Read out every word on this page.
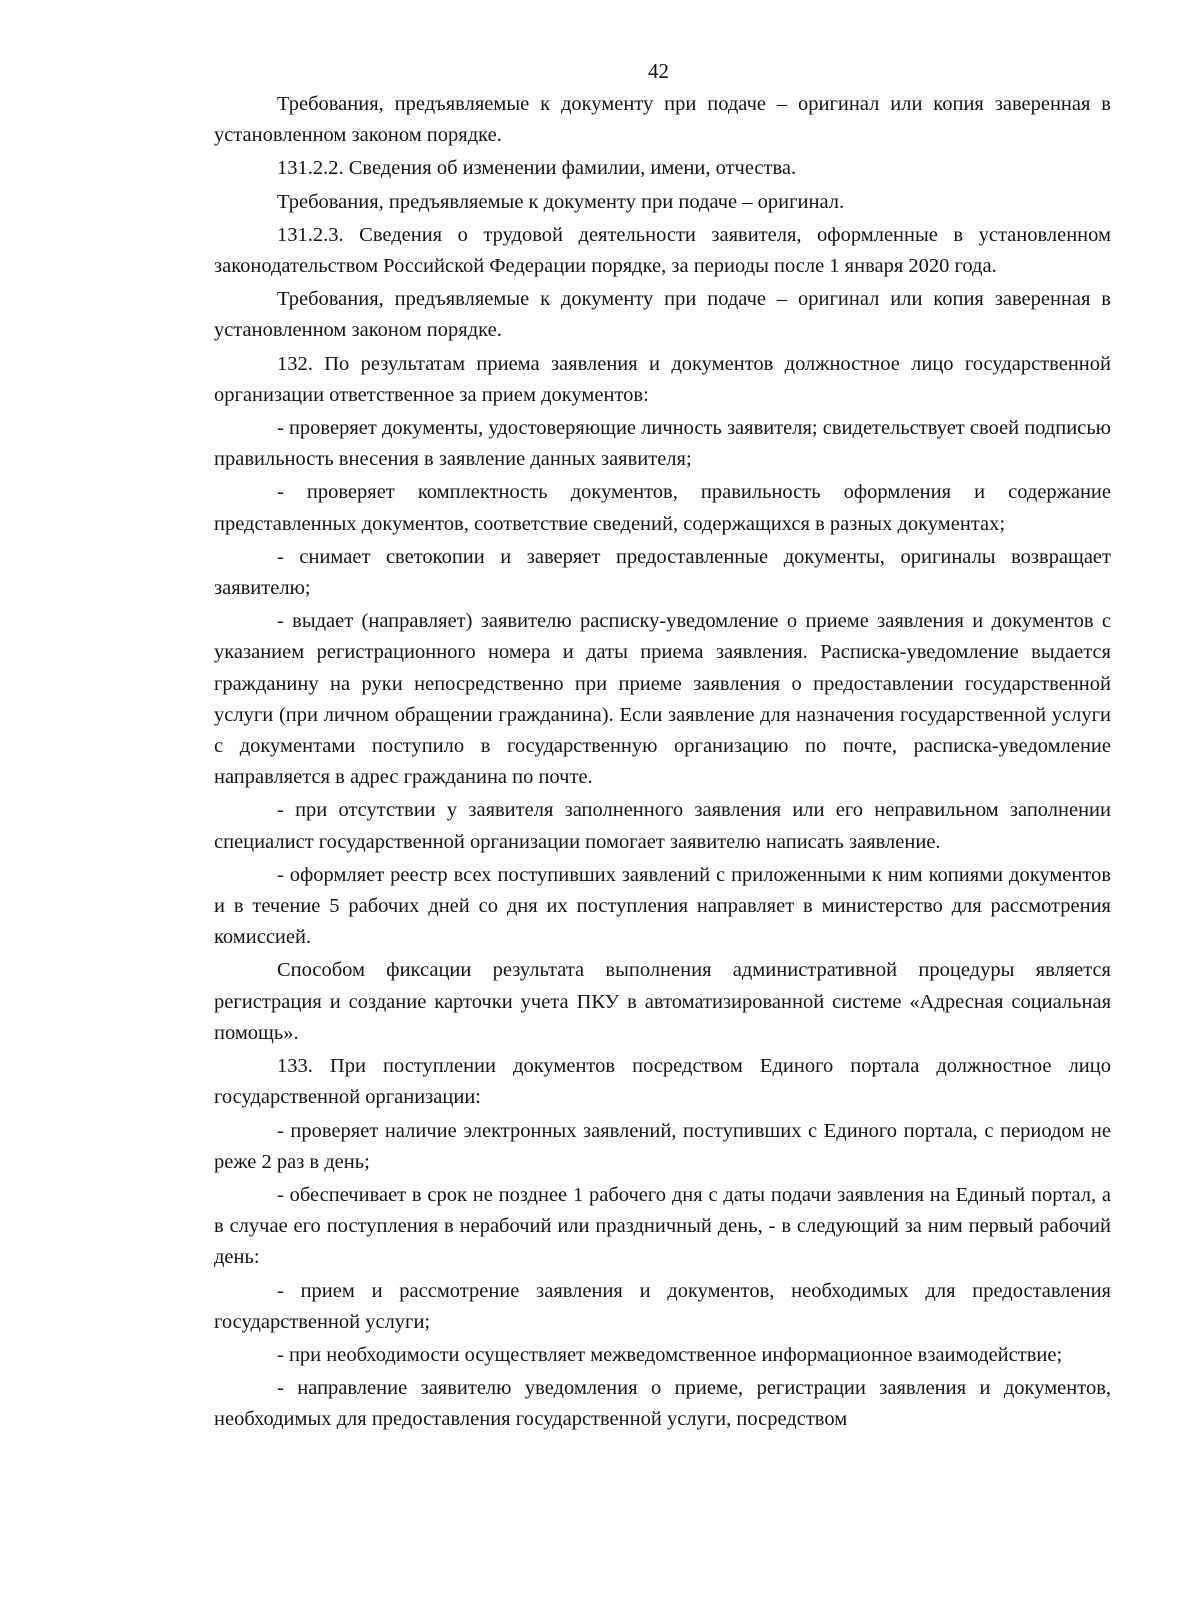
42

Требования, предъявляемые к документу при подаче – оригинал или копия заверенная в установленном законом порядке.

131.2.2. Сведения об изменении фамилии, имени, отчества.

Требования, предъявляемые к документу при подаче – оригинал.

131.2.3. Сведения о трудовой деятельности заявителя, оформленные в установленном законодательством Российской Федерации порядке, за периоды после 1 января 2020 года.

Требования, предъявляемые к документу при подаче – оригинал или копия заверенная в установленном законом порядке.

132. По результатам приема заявления и документов должностное лицо государственной организации ответственное за прием документов:

- проверяет документы, удостоверяющие личность заявителя; свидетельствует своей подписью правильность внесения в заявление данных заявителя;

- проверяет комплектность документов, правильность оформления и содержание представленных документов, соответствие сведений, содержащихся в разных документах;

- снимает светокопии и заверяет предоставленные документы, оригиналы возвращает заявителю;

- выдает (направляет) заявителю расписку-уведомление о приеме заявления и документов с указанием регистрационного номера и даты приема заявления. Расписка-уведомление выдается гражданину на руки непосредственно при приеме заявления о предоставлении государственной услуги (при личном обращении гражданина). Если заявление для назначения государственной услуги с документами поступило в государственную организацию по почте, расписка-уведомление направляется в адрес гражданина по почте.

- при отсутствии у заявителя заполненного заявления или его неправильном заполнении специалист государственной организации помогает заявителю написать заявление.

- оформляет реестр всех поступивших заявлений с приложенными к ним копиями документов и в течение 5 рабочих дней со дня их поступления направляет в министерство для рассмотрения комиссией.

Способом фиксации результата выполнения административной процедуры является регистрация и создание карточки учета ПКУ в автоматизированной системе «Адресная социальная помощь».

133. При поступлении документов посредством Единого портала должностное лицо государственной организации:

- проверяет наличие электронных заявлений, поступивших с Единого портала, с периодом не реже 2 раз в день;

- обеспечивает в срок не позднее 1 рабочего дня с даты подачи заявления на Единый портал, а в случае его поступления в нерабочий или праздничный день, - в следующий за ним первый рабочий день:

- прием и рассмотрение заявления и документов, необходимых для предоставления государственной услуги;

- при необходимости осуществляет межведомственное информационное взаимодействие;

- направление заявителю уведомления о приеме, регистрации заявления и документов, необходимых для предоставления государственной услуги, посредством
